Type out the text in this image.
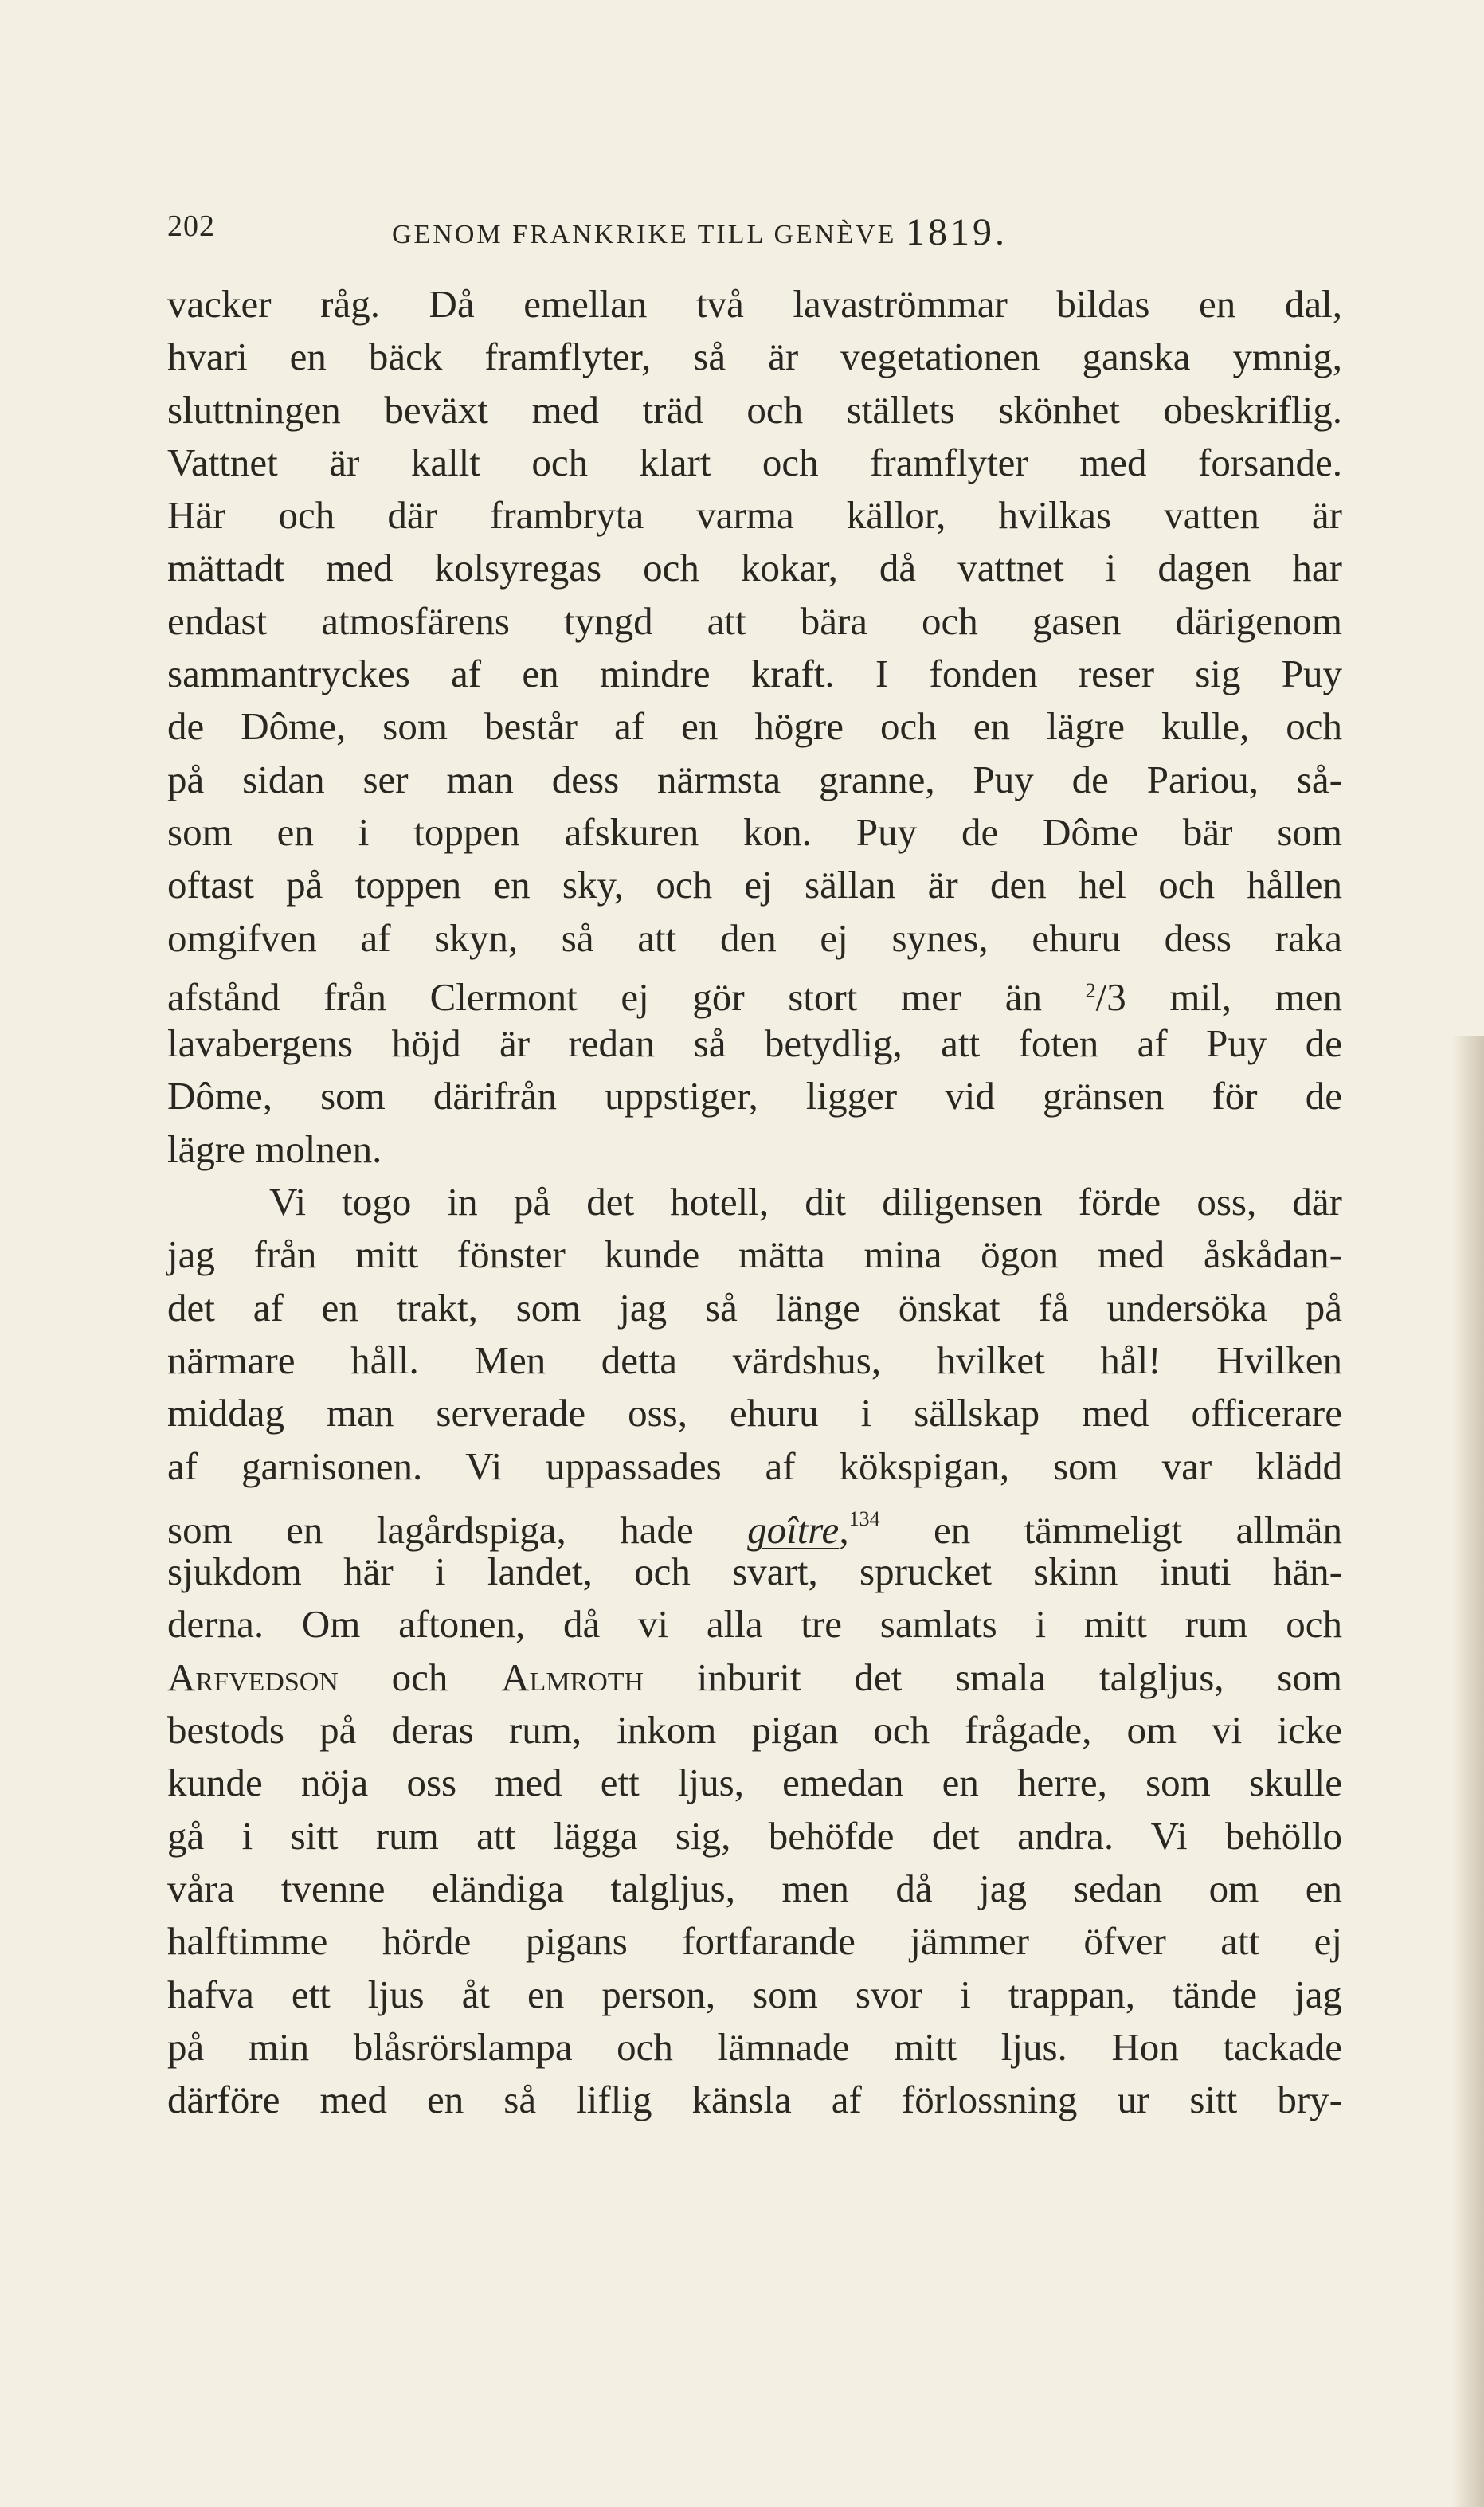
202	GENOM FRANKRIKE TILL GENÈVE 1819.
vacker råg. Då emellan två lavaströmmar bildas en dal,
hvari en bäck framflyter, så är vegetationen ganska ymnig,
sluttningen beväxt med träd och ställets skönhet obeskriflig.
Vattnet är kallt och klart och framflyter med forsande.
Här och där frambryta varma källor, hvilkas vatten är
mättadt med kolsyregas och kokar, då vattnet i dagen har
endast atmosfärens tyngd att bära och gasen därigenom
sammantryckes af en mindre kraft. I fonden reser sig Puy
de Dôme, som består af en högre och en lägre kulle, och
på sidan ser man dess närmsta granne, Puy de Pariou, så-
som en i toppen afskuren kon. Puy de Dôme bär som
oftast på toppen en sky, och ej sällan är den hel och hållen
omgifven af skyn, så att den ej synes, ehuru dess raka
afstånd från Clermont ej gör stort mer än $^2$/3 mil, men
lavabergens höjd är redan så betydlig, att foten af Puy de
Dôme, som därifrån uppstiger, ligger vid gränsen för de
lägre molnen.
Vi togo in på det hotell, dit diligensen förde oss, där
jag från mitt fönster kunde mätta mina ögon med åskådan-
det af en trakt, som jag så länge önskat få undersöka på
närmare håll. Men detta värdshus, hvilket hål! Hvilken
middag man serverade oss, ehuru i sällskap med officerare
af garnisonen. Vi uppassades af kökspigan, som var klädd
som en lagårdspiga, hade goître,$^{134}$ en tämmeligt allmän
sjukdom här i landet, och svart, sprucket skinn inuti hän-
derna. Om aftonen, då vi alla tre samlats i mitt rum och
Arfvedson och Almroth inburit det smala talgljus, som
bestods på deras rum, inkom pigan och frågade, om vi icke
kunde nöja oss med ett ljus, emedan en herre, som skulle
gå i sitt rum att lägga sig, behöfde det andra. Vi behöllo
våra tvenne eländiga talgljus, men då jag sedan om en
halftimme hörde pigans fortfarande jämmer öfver att ej
hafva ett ljus åt en person, som svor i trappan, tände jag
på min blåsrörslampa och lämnade mitt ljus. Hon tackade
därföre med en så liflig känsla af förlossning ur sitt bry-
